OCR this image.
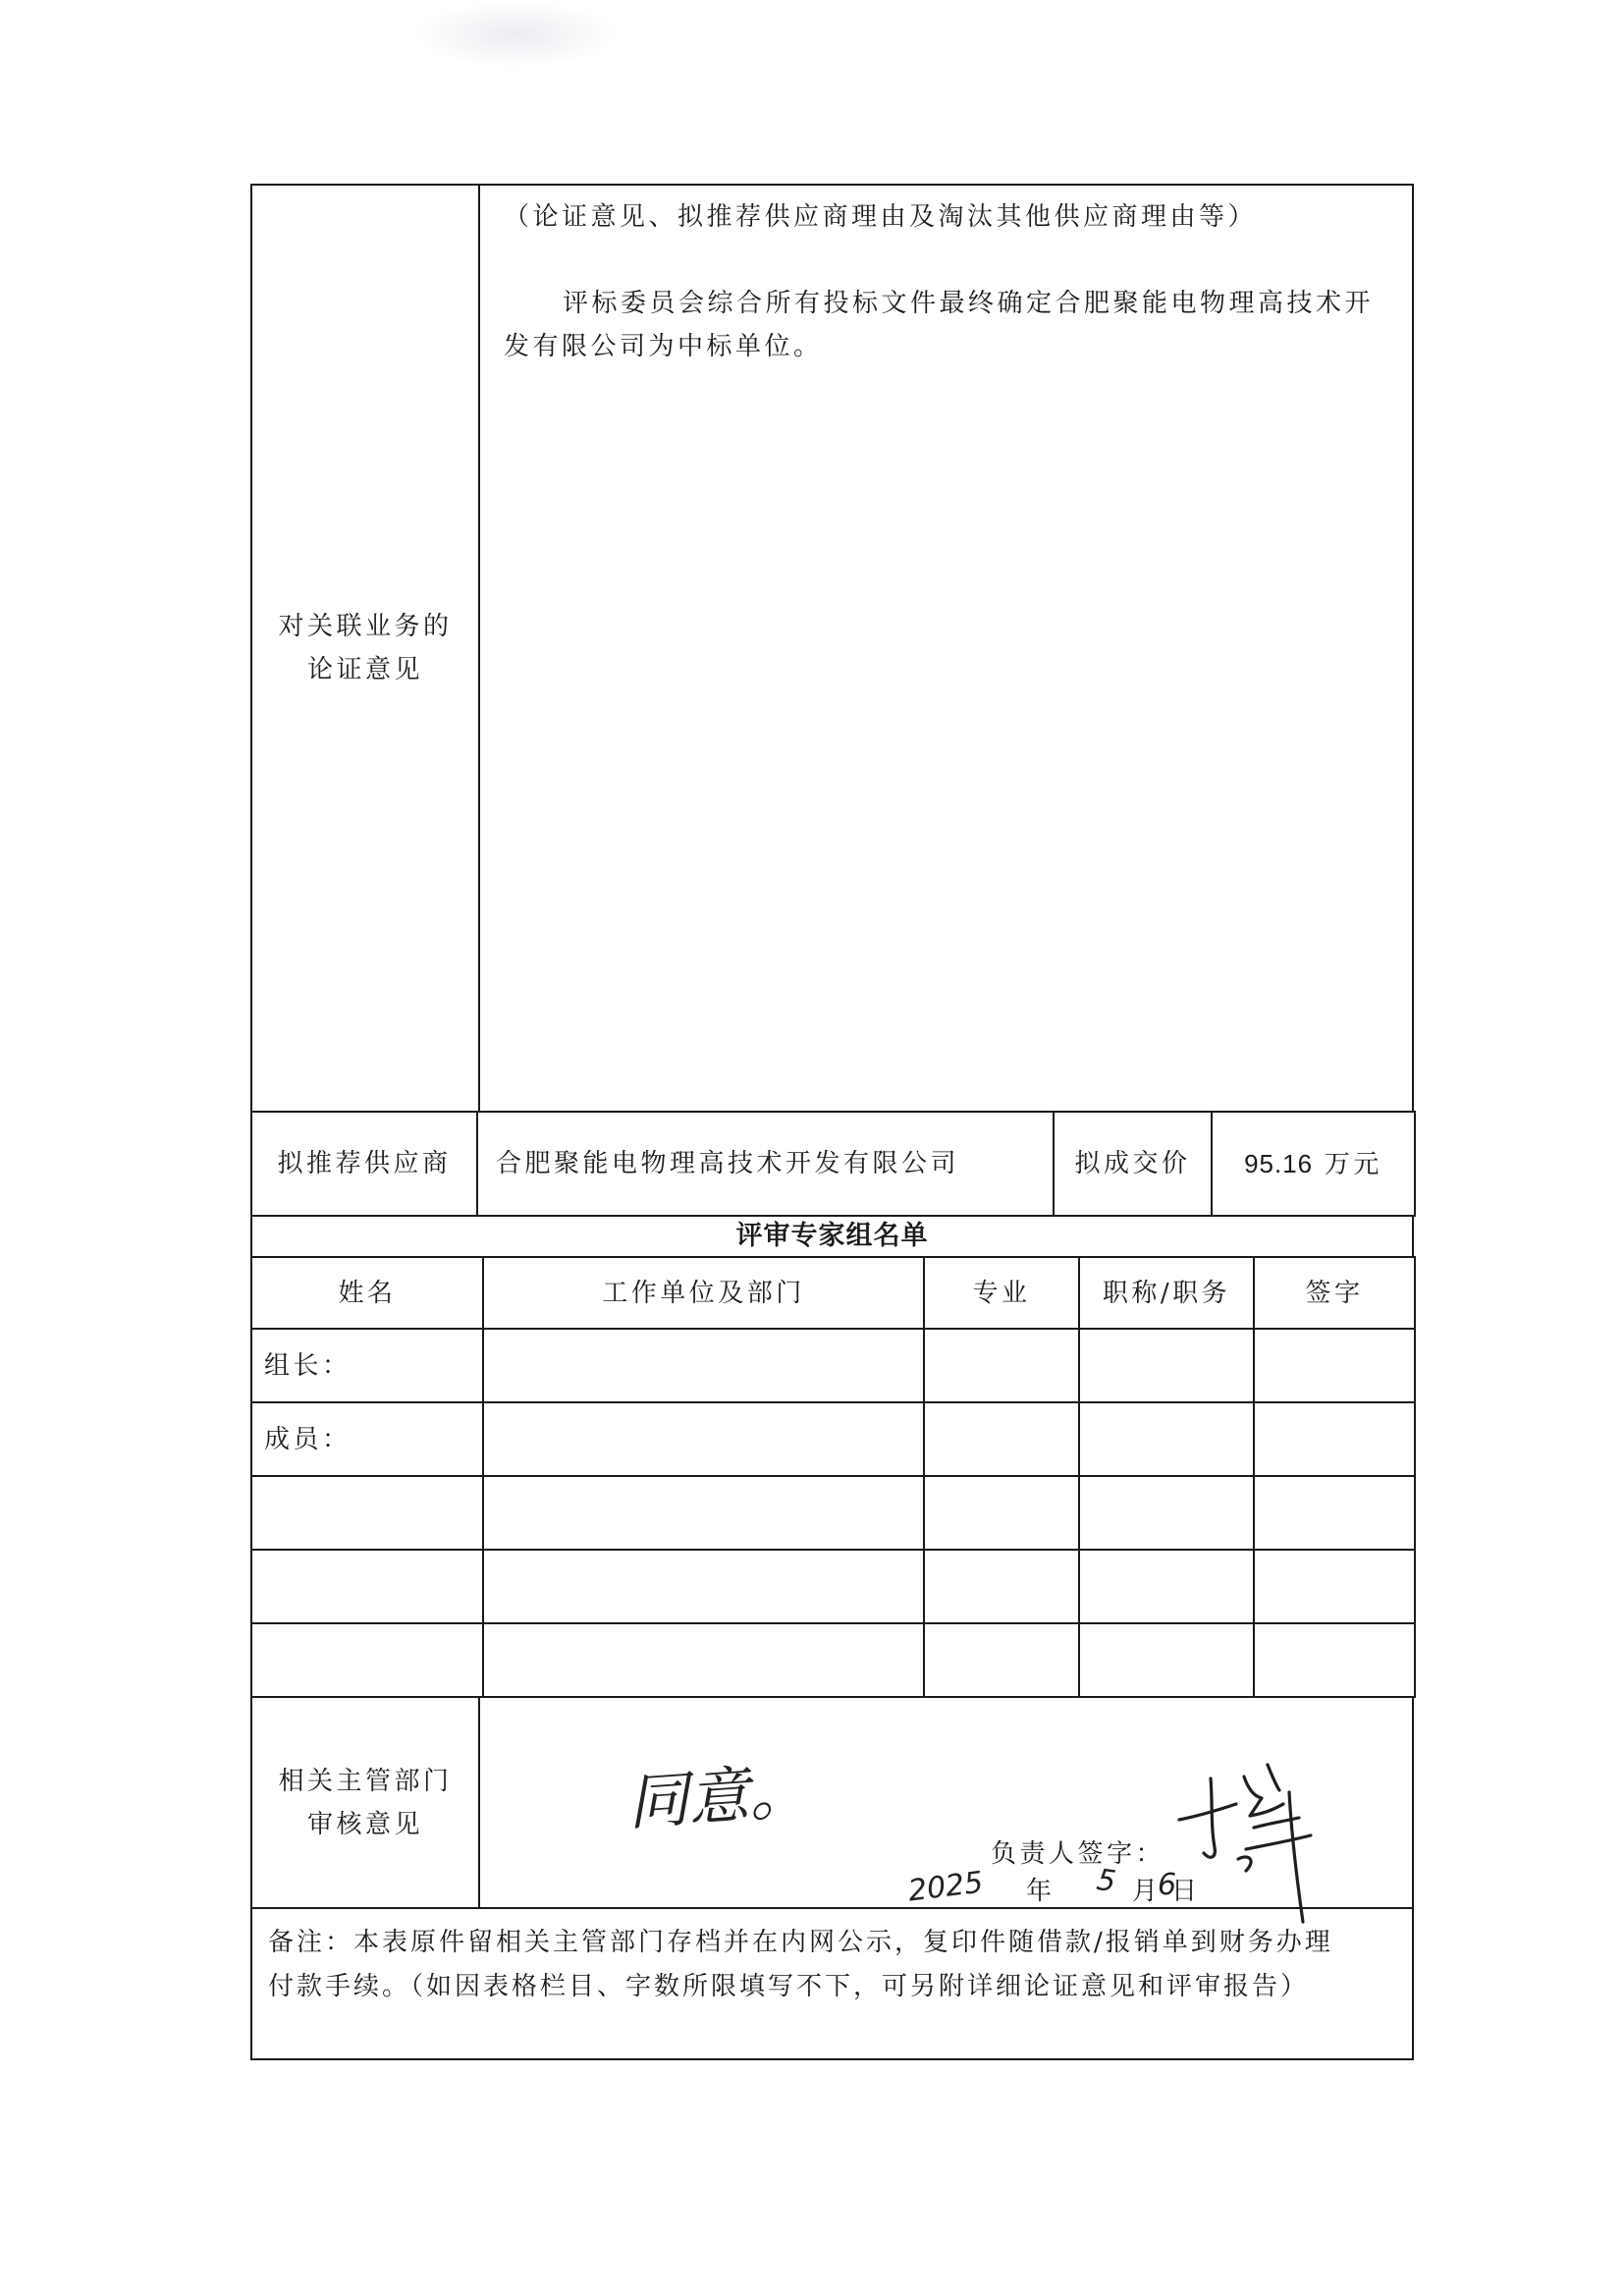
对关联业务的
论证意见

（论证意见、拟推荐供应商理由及淘汰其他供应商理由等）
评标委员会综合所有投标文件最终确定合肥聚能电物理高技术开
发有限公司为中标单位。
拟推荐供应商	合肥聚能电物理高技术开发有限公司	拟成交价	95.16 万元
评审专家组名单
姓名	工作单位及部门	专业	职称/职务	签字
组长：				
成员：				

相关主管部门
审核意见	同意。
负责人签字：
2025 年 5 月 日
6
备注：本表原件留相关主管部门存档并在内网公示，复印件随借款/报销单到财务办理
付款手续。（如因表格栏目、字数所限填写不下，可另附详细论证意见和评审报告）
